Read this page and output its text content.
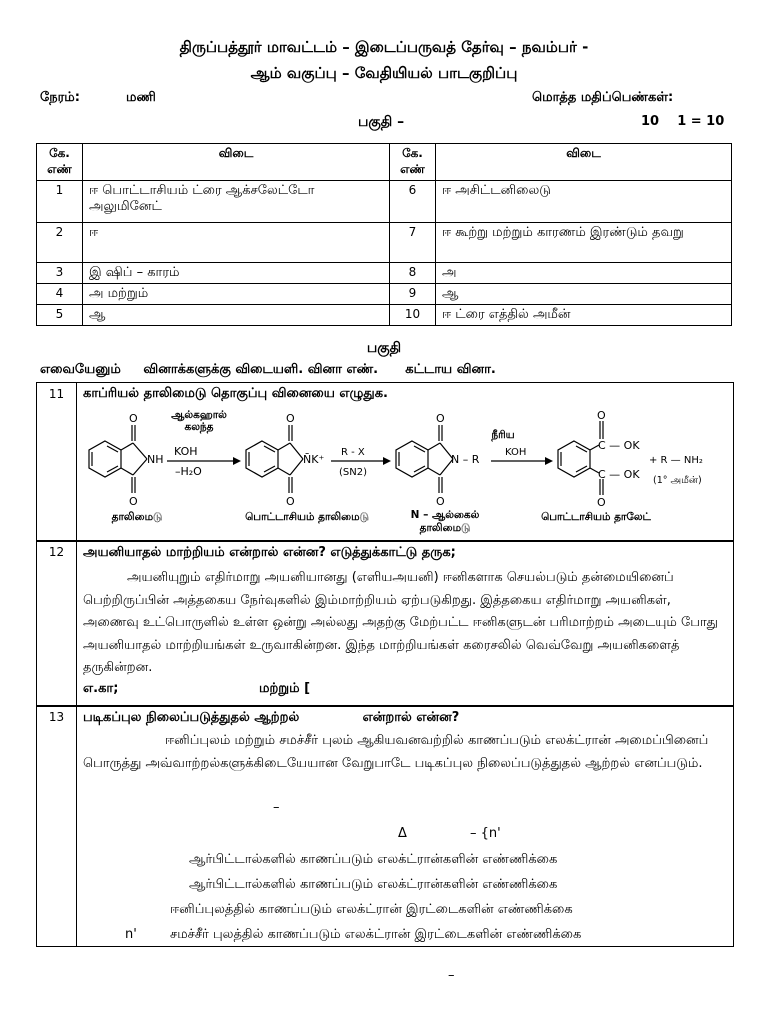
திருப்பத்தூர் மாவட்டம் – இடைப்பருவத் தேர்வு – நவம்பர் -
ஆம் வகுப்பு – வேதியியல் பாடகுறிப்பு
நேரம்:	மணி	மொத்த மதிப்பெண்கள்:
பகுதி –	10    1 = 10
கே. எண்	விடை	கே. எண்	விடை
1	ஈ பொட்டாசியம் ட்ரை ஆக்சலேட்டோ அலுமினேட்	6	ஈ அசிட்டனிலைடு
2	ஈ	7	ஈ கூற்று மற்றும் காரணம் இரண்டும் தவறு
3	இ ஷிப் – காரம்	8	அ
4	அ மற்றும்	9	ஆ
5	ஆ	10	ஈ ட்ரை எத்தில் அமீன்
பகுதி
எவையேனும்     வினாக்களுக்கு விடையளி. வினா எண்.      கட்டாய வினா.
11	காப்ரியல் தாலிமைடு தொகுப்பு வினையை எழுதுக.
O
O
NH
KOH
–H₂O
O
O
N̄K⁺
R - X
(SN2)
O
O
N – R
KOH
C — OK
C — OK
O
O
+ R — NH₂
(1° அமீன்)
ஆல்கஹால் கலந்த
நீரிய
தாலிமைடு	பொட்டாசியம் தாலிமைடு	N – ஆல்கைல் தாலிமைடு
பொட்டாசியம் தாலேட்
12	அயனியாதல் மாற்றியம் என்றால் என்ன? எடுத்துக்காட்டு தருக;
அயனியுறும் எதிர்மாறு அயனியானது (எளியஅயனி) ஈனிகளாக செயல்படும் தன்மையினைப் பெற்றிருப்பின் அத்தகைய நேர்வுகளில் இம்மாற்றியம் ஏற்படுகிறது. இத்தகைய எதிர்மாறு அயனிகள், அணைவு உட்பொருளில் உள்ள ஒன்று அல்லது அதற்கு மேற்பட்ட ஈனிகளுடன் பரிமாற்றம் அடையும் போது அயனியாதல் மாற்றியங்கள் உருவாகின்றன. இந்த மாற்றியங்கள் கரைசலில் வெவ்வேறு அயனிகளைத் தருகின்றன.
எ.கா;	மற்றும் [
13	படிகப்புல நிலைப்படுத்துதல் ஆற்றல்              என்றால் என்ன?
ஈனிப்புலம் மற்றும் சமச்சீர் புலம் ஆகியவனவற்றில் காணப்படும் எலக்ட்ரான் அமைப்பினைப் பொருத்து அவ்வாற்றல்களுக்கிடையேயான வேறுபாடே படிகப்புல நிலைப்படுத்துதல் ஆற்றல் எனப்படும்.
–
Δ	– {n'
ஆர்பிட்டால்களில் காணப்படும் எலக்ட்ரான்களின் எண்ணிக்கை
ஆர்பிட்டால்களில் காணப்படும் எலக்ட்ரான்களின் எண்ணிக்கை
ஈனிப்புலத்தில் காணப்படும் எலக்ட்ரான் இரட்டைகளின் எண்ணிக்கை
n'	சமச்சீர் புலத்தில் காணப்படும் எலக்ட்ரான் இரட்டைகளின் எண்ணிக்கை
–
